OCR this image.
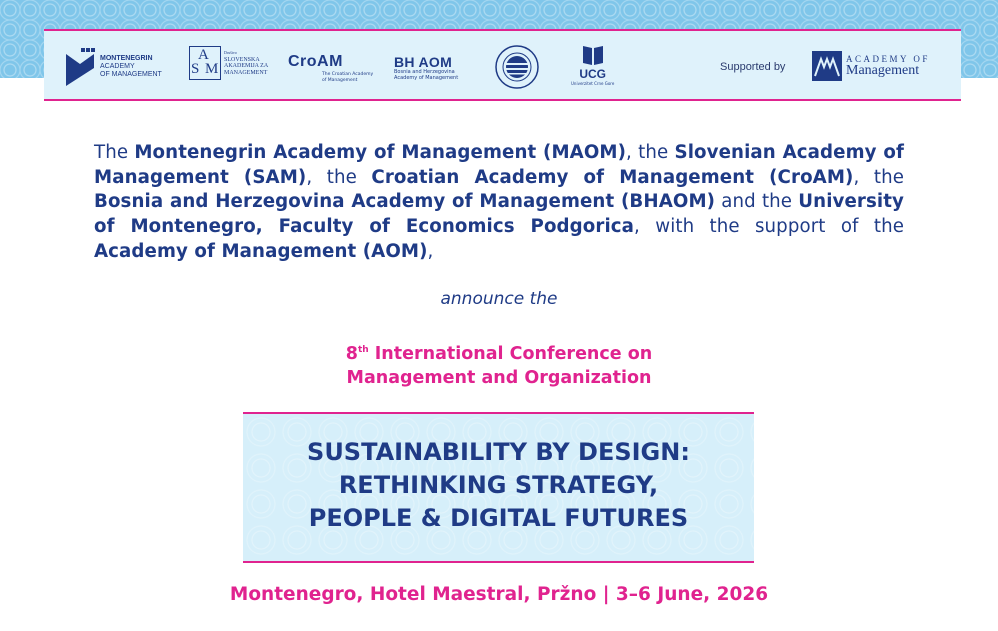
MONTENEGRIN
ACADEMY
OF MANAGEMENT
A
S M
Društvo
SLOVENSKA
AKADEMIJA ZA
MANAGEMENT
CroAM
The Croatian Academy
of Management
BH AOM
Bosnia and Herzegovina
Academy of Management	UCG
Univerzitet Crne Gore
Supported by
ACADEMY OF
Management

The Montenegrin Academy of Management (MAOM), the Slovenian Academy of Management (SAM), the Croatian Academy of Management (CroAM), the Bosnia and Herzegovina Academy of Management (BHAOM) and the University of Montenegro, Faculty of Economics Podgorica, with the support of the Academy of Management (AOM),

announce the
8th International Conference on
Management and Organization
SUSTAINABILITY BY DESIGN:
RETHINKING STRATEGY,
PEOPLE & DIGITAL FUTURES
Montenegro, Hotel Maestral, Pržno | 3–6 June, 2026
